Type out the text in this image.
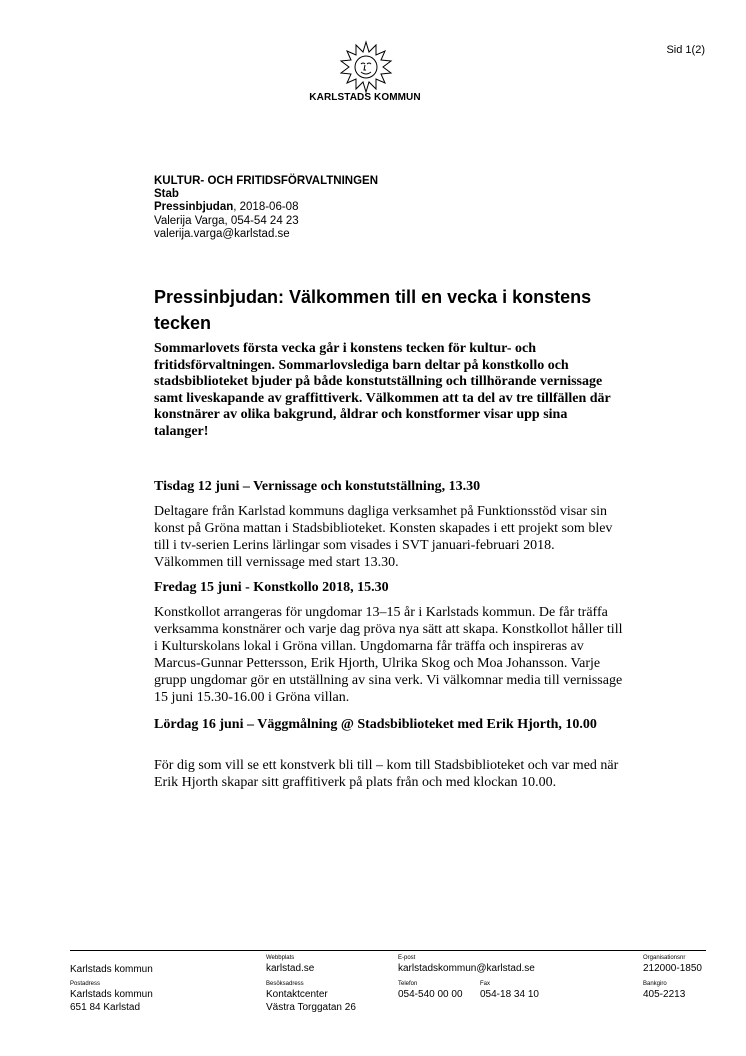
Sid 1(2)
KARLSTADS KOMMUN
KULTUR- OCH FRITIDSFÖRVALTNINGEN
Stab
Pressinbjudan, 2018-06-08
Valerija Varga, 054-54 24 23
valerija.varga@karlstad.se
Pressinbjudan: Välkommen till en vecka i konstens tecken
Sommarlovets första vecka går i konstens tecken för kultur- och fritidsförvaltningen. Sommarlovslediga barn deltar på konstkollo och stadsbiblioteket bjuder på både konstutställning och tillhörande vernissage samt liveskapande av graffittiverk. Välkommen att ta del av tre tillfällen där konstnärer av olika bakgrund, åldrar och konstformer visar upp sina talanger!
Tisdag 12 juni – Vernissage och konstutställning, 13.30
Deltagare från Karlstad kommuns dagliga verksamhet på Funktionsstöd visar sin konst på Gröna mattan i Stadsbiblioteket. Konsten skapades i ett projekt som blev till i tv-serien Lerins lärlingar som visades i SVT januari-februari 2018. Välkommen till vernissage med start 13.30.
Fredag 15 juni - Konstkollo 2018, 15.30
Konstkollot arrangeras för ungdomar 13–15 år i Karlstads kommun. De får träffa verksamma konstnärer och varje dag pröva nya sätt att skapa. Konstkollot håller till i Kulturskolans lokal i Gröna villan. Ungdomarna får träffa och inspireras av Marcus-Gunnar Pettersson, Erik Hjorth, Ulrika Skog och Moa Johansson. Varje grupp ungdomar gör en utställning av sina verk. Vi välkomnar media till vernissage 15 juni 15.30-16.00 i Gröna villan.
Lördag 16 juni – Väggmålning @ Stadsbiblioteket med Erik Hjorth, 10.00
För dig som vill se ett konstverk bli till – kom till Stadsbiblioteket och var med när Erik Hjorth skapar sitt graffitiverk på plats från och med klockan 10.00.
Karlstads kommun
Webbplats
karlstad.se
E-post
karlstadskommun@karlstad.se
Organisationsnr
212000-1850
Postadress
Karlstads kommun
651 84 Karlstad
Besöksadress
Kontaktcenter
Västra Torggatan 26
Telefon
054-540 00 00
Fax
054-18 34 10
Bankgiro
405-2213
